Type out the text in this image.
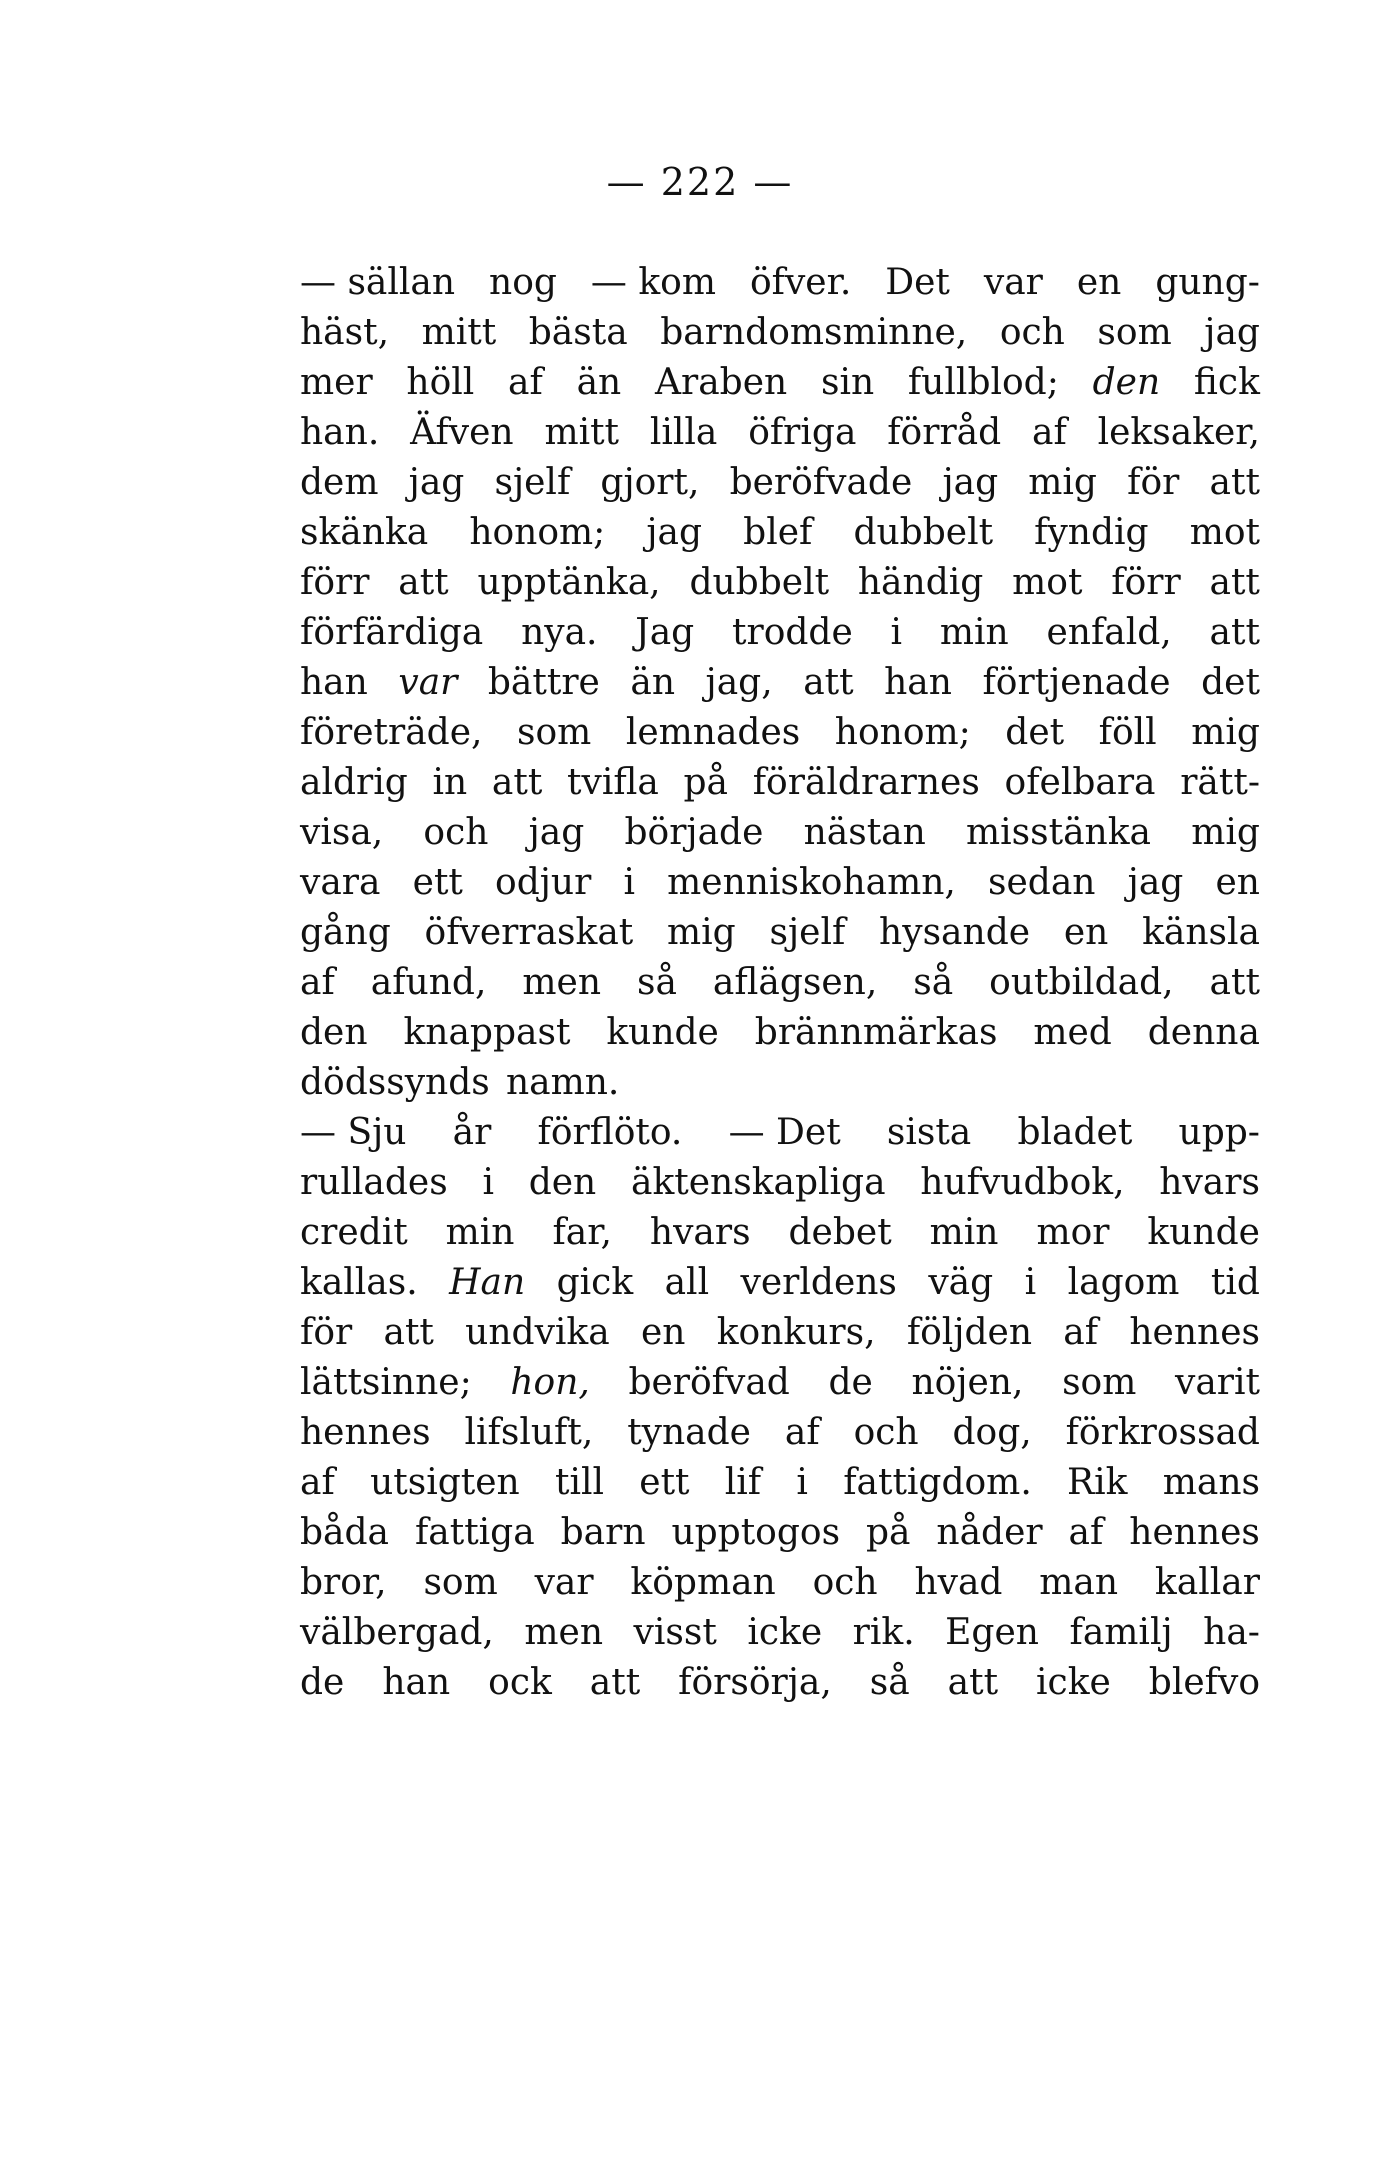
— 222 —
— sällan nog — kom öfver. Det var en gung-
häst, mitt bästa barndomsminne, och som jag
mer höll af än Araben sin fullblod; den fick
han. Äfven mitt lilla öfriga förråd af leksaker,
dem jag sjelf gjort, beröfvade jag mig för att
skänka honom; jag blef dubbelt fyndig mot
förr att upptänka, dubbelt händig mot förr att
förfärdiga nya. Jag trodde i min enfald, att
han var bättre än jag, att han förtjenade det
företräde, som lemnades honom; det föll mig
aldrig in att tvifla på föräldrarnes ofelbara rätt-
visa, och jag började nästan misstänka mig
vara ett odjur i menniskohamn, sedan jag en
gång öfverraskat mig sjelf hysande en känsla
af afund, men så aflägsen, så outbildad, att
den knappast kunde brännmärkas med denna
dödssynds namn.
— Sju år förflöto. — Det sista bladet upp-
rullades i den äktenskapliga hufvudbok, hvars
credit min far, hvars debet min mor kunde
kallas. Han gick all verldens väg i lagom tid
för att undvika en konkurs, följden af hennes
lättsinne; hon, beröfvad de nöjen, som varit
hennes lifsluft, tynade af och dog, förkrossad
af utsigten till ett lif i fattigdom. Rik mans
båda fattiga barn upptogos på nåder af hennes
bror, som var köpman och hvad man kallar
välbergad, men visst icke rik. Egen familj ha-
de han ock att försörja, så att icke blefvo
